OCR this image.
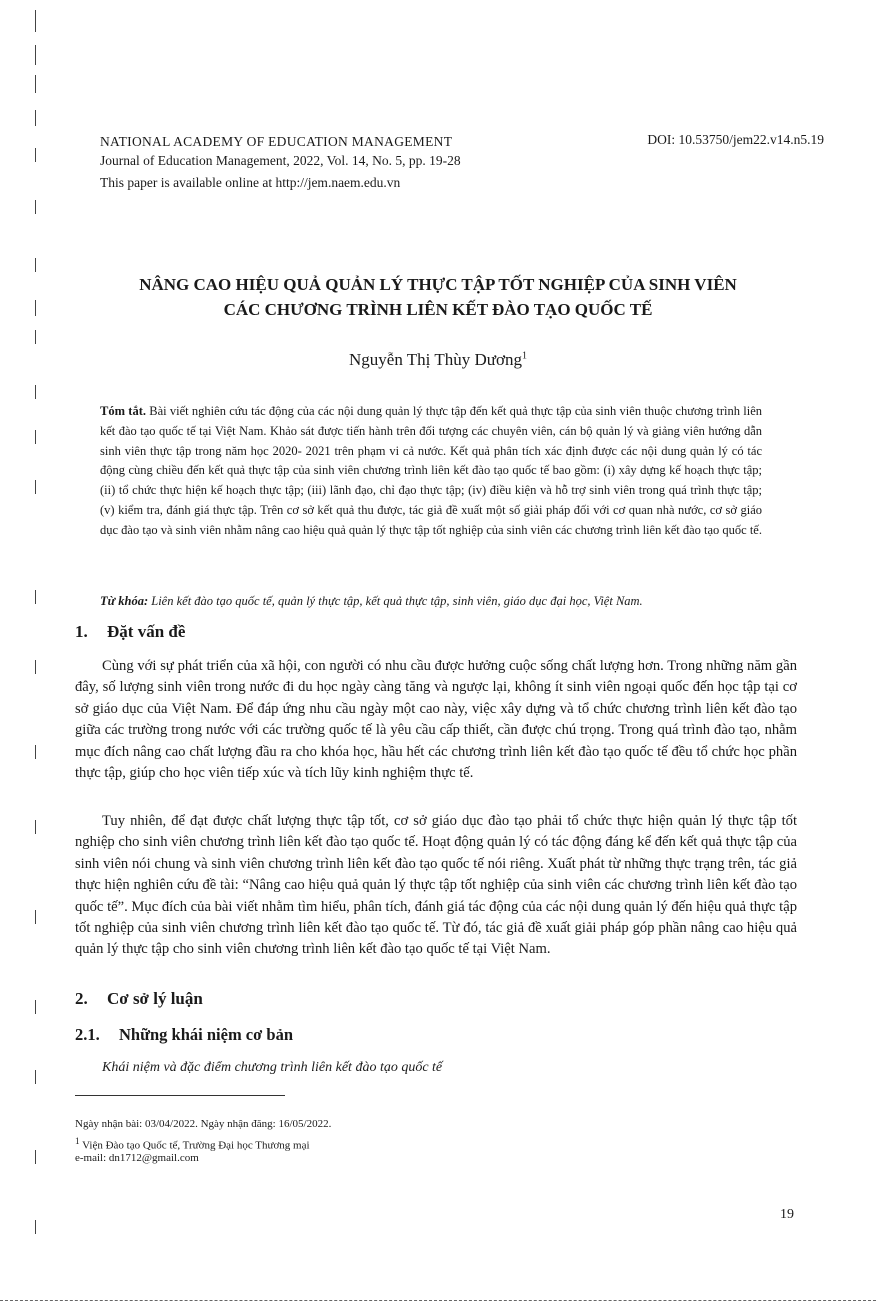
NATIONAL ACADEMY OF EDUCATION MANAGEMENT
Journal of Education Management, 2022, Vol. 14, No. 5, pp. 19-28
This paper is available online at http://jem.naem.edu.vn
DOI: 10.53750/jem22.v14.n5.19
NÂNG CAO HIỆU QUẢ QUẢN LÝ THỰC TẬP TỐT NGHIỆP CỦA SINH VIÊN
CÁC CHƯƠNG TRÌNH LIÊN KẾT ĐÀO TẠO QUỐC TẾ
Nguyễn Thị Thùy Dương$^1$
Tóm tắt. Bài viết nghiên cứu tác động của các nội dung quản lý thực tập đến kết quả thực tập của sinh viên thuộc chương trình liên kết đào tạo quốc tế tại Việt Nam. Khảo sát được tiến hành trên đối tượng các chuyên viên, cán bộ quản lý và giảng viên hướng dẫn sinh viên thực tập trong năm học 2020- 2021 trên phạm vi cả nước. Kết quả phân tích xác định được các nội dung quản lý có tác động cùng chiều đến kết quả thực tập của sinh viên chương trình liên kết đào tạo quốc tế bao gồm: (i) xây dựng kế hoạch thực tập; (ii) tổ chức thực hiện kế hoạch thực tập; (iii) lãnh đạo, chỉ đạo thực tập; (iv) điều kiện và hỗ trợ sinh viên trong quá trình thực tập; (v) kiểm tra, đánh giá thực tập. Trên cơ sở kết quả thu được, tác giả đề xuất một số giải pháp đối với cơ quan nhà nước, cơ sở giáo dục đào tạo và sinh viên nhằm nâng cao hiệu quả quản lý thực tập tốt nghiệp của sinh viên các chương trình liên kết đào tạo quốc tế.
Từ khóa: Liên kết đào tạo quốc tế, quản lý thực tập, kết quả thực tập, sinh viên, giáo dục đại học, Việt Nam.
1. Đặt vấn đề
Cùng với sự phát triển của xã hội, con người có nhu cầu được hưởng cuộc sống chất lượng hơn. Trong những năm gần đây, số lượng sinh viên trong nước đi du học ngày càng tăng và ngược lại, không ít sinh viên ngoại quốc đến học tập tại cơ sở giáo dục của Việt Nam. Để đáp ứng nhu cầu ngày một cao này, việc xây dựng và tổ chức chương trình liên kết đào tạo giữa các trường trong nước với các trường quốc tế là yêu cầu cấp thiết, cần được chú trọng. Trong quá trình đào tạo, nhằm mục đích nâng cao chất lượng đầu ra cho khóa học, hầu hết các chương trình liên kết đào tạo quốc tế đều tổ chức học phần thực tập, giúp cho học viên tiếp xúc và tích lũy kinh nghiệm thực tế.
Tuy nhiên, để đạt được chất lượng thực tập tốt, cơ sở giáo dục đào tạo phải tổ chức thực hiện quản lý thực tập tốt nghiệp cho sinh viên chương trình liên kết đào tạo quốc tế. Hoạt động quản lý có tác động đáng kể đến kết quả thực tập của sinh viên nói chung và sinh viên chương trình liên kết đào tạo quốc tế nói riêng. Xuất phát từ những thực trạng trên, tác giả thực hiện nghiên cứu đề tài: “Nâng cao hiệu quả quản lý thực tập tốt nghiệp của sinh viên các chương trình liên kết đào tạo quốc tế”. Mục đích của bài viết nhằm tìm hiểu, phân tích, đánh giá tác động của các nội dung quản lý đến hiệu quả thực tập tốt nghiệp của sinh viên chương trình liên kết đào tạo quốc tế. Từ đó, tác giả đề xuất giải pháp góp phần nâng cao hiệu quả quản lý thực tập cho sinh viên chương trình liên kết đào tạo quốc tế tại Việt Nam.
2. Cơ sở lý luận
2.1. Những khái niệm cơ bản
Khái niệm và đặc điểm chương trình liên kết đào tạo quốc tế
Ngày nhận bài: 03/04/2022. Ngày nhận đăng: 16/05/2022.
$^1$ Viện Đào tạo Quốc tế, Trường Đại học Thương mại
e-mail: dn1712@gmail.com
19
